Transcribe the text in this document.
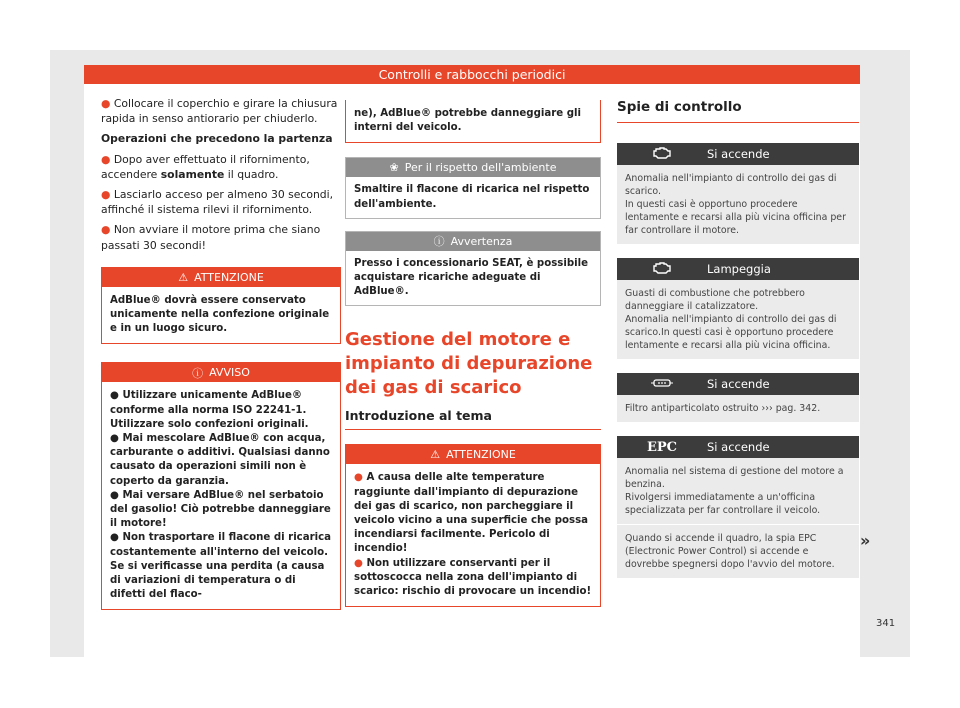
Controlli e rabbocchi periodici
● Collocare il coperchio e girare la chiusura rapida in senso antiorario per chiuderlo.
Operazioni che precedono la partenza
● Dopo aver effettuato il rifornimento, accendere solamente il quadro.
● Lasciarlo acceso per almeno 30 secondi, affinché il sistema rilevi il rifornimento.
● Non avviare il motore prima che siano passati 30 secondi!
⚠ ATTENZIONE
AdBlue® dovrà essere conservato unicamente nella confezione originale e in un luogo sicuro.
ⓘ AVVISO
● Utilizzare unicamente AdBlue® conforme alla norma ISO 22241-1. Utilizzare solo confezioni originali.
● Mai mescolare AdBlue® con acqua, carburante o additivi. Qualsiasi danno causato da operazioni simili non è coperto da garanzia.
● Mai versare AdBlue® nel serbatoio del gasolio! Ciò potrebbe danneggiare il motore!
● Non trasportare il flacone di ricarica costantemente all'interno del veicolo. Se si verificasse una perdita (a causa di variazioni di temperatura o di difetti del flaco-
ne), AdBlue® potrebbe danneggiare gli interni del veicolo.
❀ Per il rispetto dell'ambiente
Smaltire il flacone di ricarica nel rispetto dell'ambiente.
ⓘ Avvertenza
Presso i concessionario SEAT, è possibile acquistare ricariche adeguate di AdBlue®.
Gestione del motore e impianto di depurazione dei gas di scarico
Introduzione al tema
⚠ ATTENZIONE
● A causa delle alte temperature raggiunte dall'impianto di depurazione dei gas di scarico, non parcheggiare il veicolo vicino a una superficie che possa incendiarsi facilmente. Pericolo di incendio!
● Non utilizzare conservanti per il sottoscocca nella zona dell'impianto di scarico: rischio di provocare un incendio!
Spie di controllo
Si accende
Anomalia nell'impianto di controllo dei gas di scarico.
In questi casi è opportuno procedere lentamente e recarsi alla più vicina officina per far controllare il motore.
Lampeggia
Guasti di combustione che potrebbero danneggiare il catalizzatore.
Anomalia nell'impianto di controllo dei gas di scarico.In questi casi è opportuno procedere lentamente e recarsi alla più vicina officina.
Si accende
Filtro antiparticolato ostruito ››› pag. 342.
EPC	Si accende
Anomalia nel sistema di gestione del motore a benzina.
Rivolgersi immediatamente a un'officina specializzata per far controllare il veicolo.
Quando si accende il quadro, la spia EPC (Electronic Power Control) si accende e dovrebbe spegnersi dopo l'avvio del motore.
»
341
